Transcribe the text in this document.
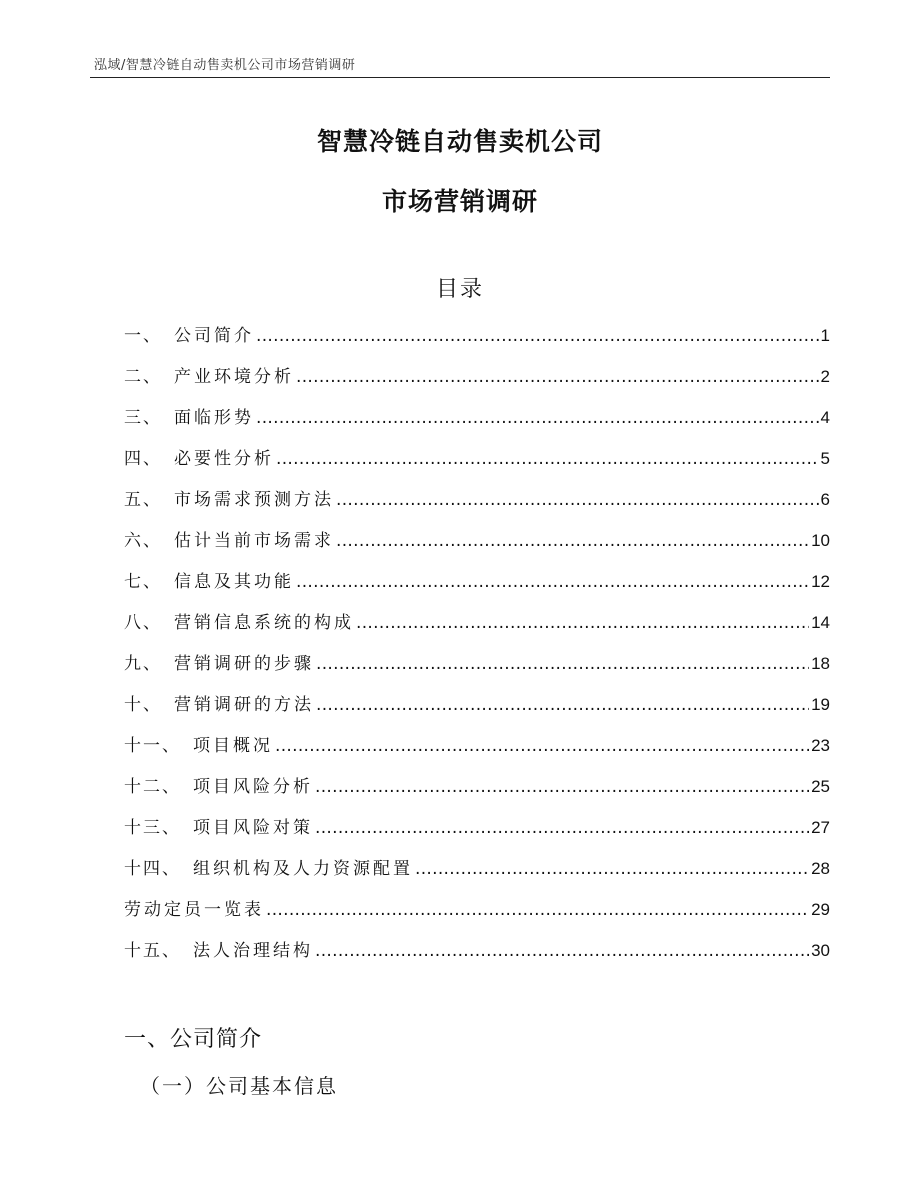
泓域/智慧冷链自动售卖机公司市场营销调研
智慧冷链自动售卖机公司
市场营销调研
目录
一、 公司简介 .....	1
二、 产业环境分析 .....	2
三、 面临形势 .....	4
四、 必要性分析 .....	5
五、 市场需求预测方法 .....	6
六、 估计当前市场需求 .....	10
七、 信息及其功能 .....	12
八、 营销信息系统的构成 .....	14
九、 营销调研的步骤 .....	18
十、 营销调研的方法 .....	19
十一、 项目概况 .....	23
十二、 项目风险分析 .....	25
十三、 项目风险对策 .....	27
十四、 组织机构及人力资源配置 .....	28
劳动定员一览表 .....	29
十五、 法人治理结构 .....	30
一、公司简介
（一）公司基本信息
